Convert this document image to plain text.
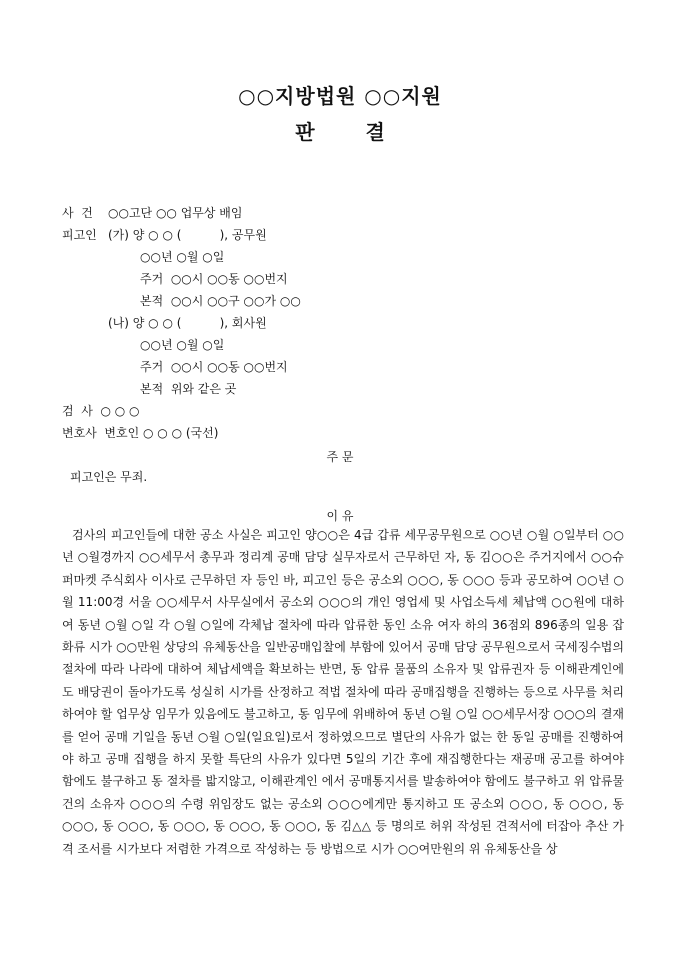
○○지방법원 ○○지원
판 결
사  건 ○○고단 ○○ 업무상 배임
피고인 (가) 양 ○ ○ (          ), 공무원
○○년 ○월 ○일
주거  ○○시 ○○동 ○○번지
본적  ○○시 ○○구 ○○가 ○○
(나) 양 ○ ○ (          ), 회사원
○○년 ○월 ○일
주거  ○○시 ○○동 ○○번지
본적  위와 같은 곳
검  사  ○ ○ ○
변호사  변호인 ○ ○ ○ (국선)
주 문
피고인은 무죄.
이 유
검사의 피고인들에 대한 공소 사실은 피고인 양○○은 4급 갑류 세무공무원으로 ○○년 ○월 ○일부터 ○○년 ○월경까지 ○○세무서 총무과 정리계 공매 담당 실무자로서 근무하던 자, 동 김○○은 주거지에서 ○○슈퍼마켓 주식회사 이사로 근무하던 자 등인 바, 피고인 등은 공소외 ○○○, 동 ○○○ 등과 공모하여 ○○년 ○월 11:00경 서울 ○○세무서 사무실에서 공소외 ○○○의 개인 영업세 및 사업소득세 체납액 ○○원에 대하여 동년 ○월 ○일 각 ○월 ○일에 각체납 절차에 따라 압류한 동인 소유 여자 하의 36점외 896종의 일용 잡화류 시가 ○○만원 상당의 유체동산을 일반공매입찰에 부함에 있어서 공매 담당 공무원으로서 국세징수법의 절차에 따라 나라에 대하여 체납세액을 확보하는 반면, 동 압류 물품의 소유자 및 압류권자 등 이해관계인에도 배당권이 돌아가도록 성실히 시가를 산정하고 적법 절차에 따라 공매집행을 진행하는 등으로 사무를 처리하여야 할 업무상 임무가 있음에도 불고하고, 동 임무에 위배하여 동년 ○월 ○일 ○○세무서장 ○○○의 결재를 얻어 공매 기일을 동년 ○월 ○일(일요일)로서 정하였으므로 별단의 사유가 없는 한 동일 공매를 진행하여야 하고 공매 집행을 하지 못할 특단의 사유가 있다면 5일의 기간 후에 재집행한다는 재공매 공고를 하여야 함에도 불구하고 동 절차를 밟지않고, 이해관계인 에서 공매통지서를 발송하여야 함에도 불구하고 위 압류물건의 소유자 ○○○의 수령 위임장도 없는 공소외 ○○○에게만 통지하고 또 공소외 ○○○, 동 ○○○, 동 ○○○, 동 ○○○, 동 ○○○, 동 ○○○, 동 ○○○, 동 김△△ 등 명의로 허위 작성된 견적서에 터잡아 추산 가격 조서를 시가보다 저렴한 가격으로 작성하는 등 방법으로 시가 ○○여만원의 위 유체동산을 상
